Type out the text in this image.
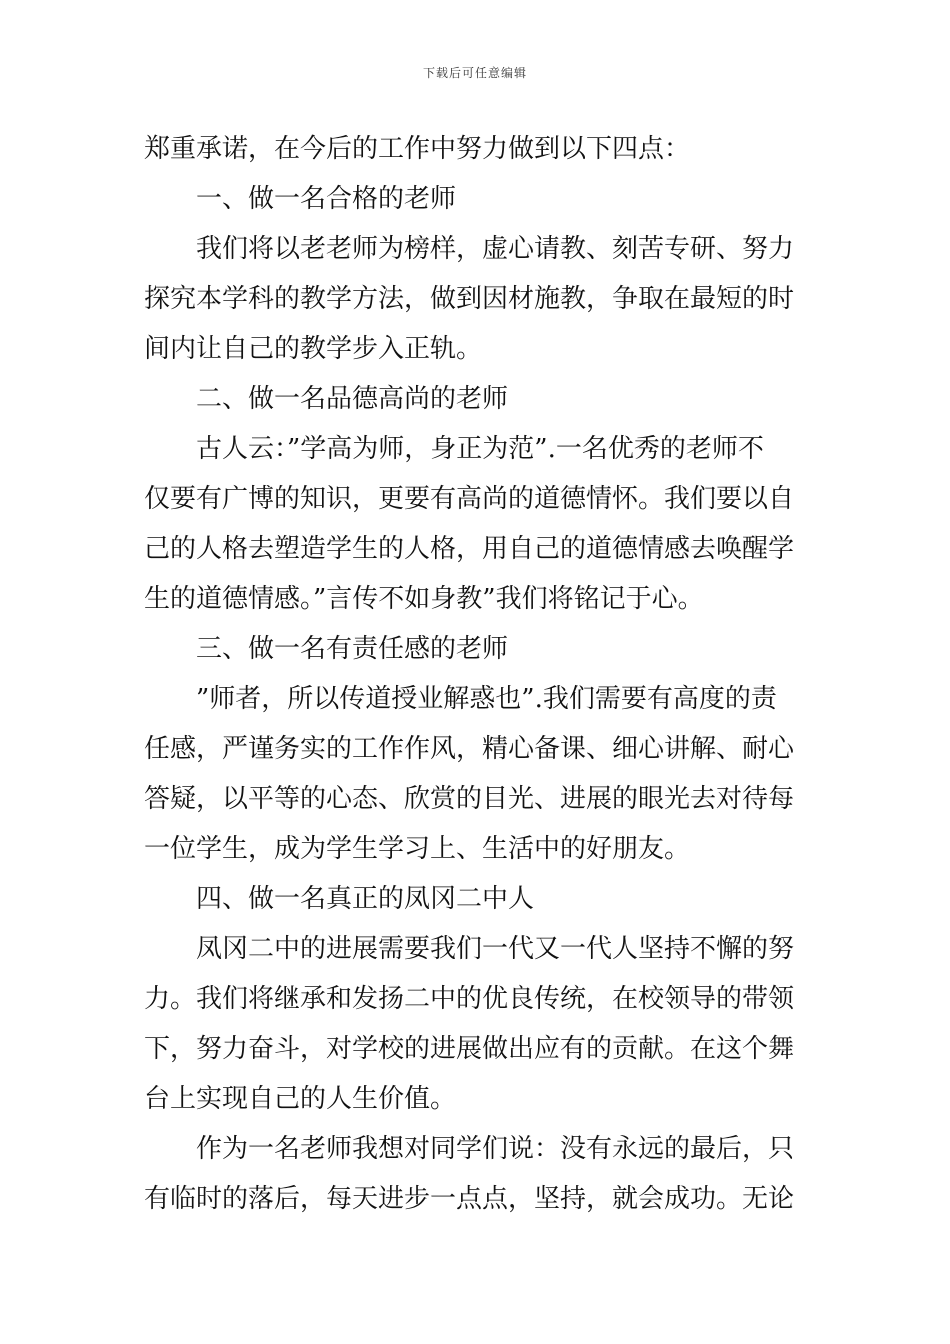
下载后可任意编辑
郑重承诺，在今后的工作中努力做到以下四点：
一、做一名合格的老师
我们将以老老师为榜样，虚心请教、刻苦专研、努力
探究本学科的教学方法，做到因材施教，争取在最短的时
间内让自己的教学步入正轨。
二、做一名品德高尚的老师
古人云：”学高为师，身正为范”.一名优秀的老师不
仅要有广博的知识，更要有高尚的道德情怀。我们要以自
己的人格去塑造学生的人格，用自己的道德情感去唤醒学
生的道德情感。”言传不如身教”我们将铭记于心。
三、做一名有责任感的老师
”师者，所以传道授业解惑也”.我们需要有高度的责
任感，严谨务实的工作作风，精心备课、细心讲解、耐心
答疑，以平等的心态、欣赏的目光、进展的眼光去对待每
一位学生，成为学生学习上、生活中的好朋友。
四、做一名真正的凤冈二中人
凤冈二中的进展需要我们一代又一代人坚持不懈的努
力。我们将继承和发扬二中的优良传统，在校领导的带领
下，努力奋斗，对学校的进展做出应有的贡献。在这个舞
台上实现自己的人生价值。
作为一名老师我想对同学们说：没有永远的最后，只
有临时的落后，每天进步一点点，坚持，就会成功。无论
